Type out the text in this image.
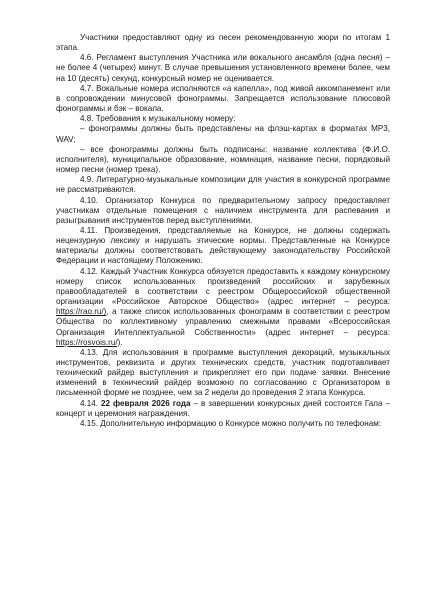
Участники предоставляют одну из песен рекомендованную жюри по итогам 1 этапа.

4.6. Регламент выступления Участника или вокального ансамбля (одна песня) – не более 4 (четырех) минут. В случае превышения установленного времени более, чем на 10 (десять) секунд, конкурсный номер не оценивается.

4.7. Вокальные номера исполняются «а капелла», под живой аккомпанемент или в сопровождении минусовой фонограммы. Запрещается использование плюсовой фонограммы и бэк – вокала.

4.8. Требования к музыкальному номеру:

– фонограммы должны быть представлены на флэш-картах в форматах MP3, WAV;

– все фонограммы должны быть подписаны: название коллектива (Ф.И.О. исполнителя), муниципальное образование, номинация, название песни, порядковый номер песни (номер трека).

4.9. Литературно-музыкальные композиции для участия в конкурсной программе не рассматриваются.

4.10. Организатор Конкурса по предварительному запросу предоставляет участникам отдельные помещения с наличием инструмента для распевания и разыгрывания инструментов перед выступлениями.

4.11. Произведения, представляемые на Конкурсе, не должны содержать нецензурную лексику и нарушать этические нормы. Представленные на Конкурсе материалы должны соответствовать действующему законодательству Российской Федерации и настоящему Положению.

4.12. Каждый Участник Конкурса обязуется предоставить к каждому конкурсному номеру список использованных произведений российских и зарубежных правообладателей в соответствии с реестром Общероссийской общественной организации «Российское Авторское Общество» (адрес интернет – ресурса: https://rao.ru/), а также список использованных фонограмм в соответствии с реестром Общества по коллективному управлению смежными правами «Всероссийская Организация Интеллектуальной Собственности» (адрес интернет – ресурса: https://rosvois.ru/).

4.13. Для использования в программе выступления декораций, музыкальных инструментов, реквизита и других технических средств, участник подготавливает технический райдер выступления и прикрепляет его при подаче заявки. Внесение изменений в технический райдер возможно по согласованию с Организатором в письменной форме не позднее, чем за 2 недели до проведения 2 этапа Конкурса.

4.14. 22 февраля 2026 года – в завершении конкурсных дней состоится Гала – концерт и церемония награждения.

4.15. Дополнительную информацию о Конкурсе можно получить по телефонам:
